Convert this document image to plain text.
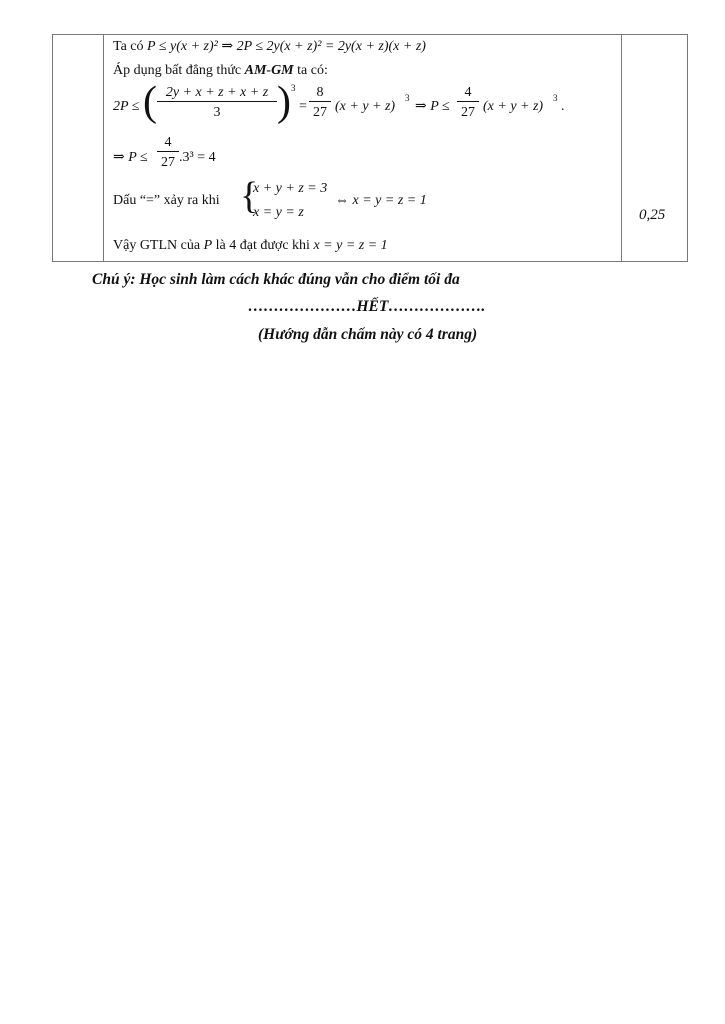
Ta có P ≤ y(x + z)² ⇒ 2P ≤ 2y(x + z)² = 2y(x + z)(x + z)
Áp dụng bất đẳng thức AM-GM ta có:
2P ≤ ( $\frac{2y + x + z + x + z}{3}$ ) 3
= $\frac{8}{27} (x + y + z)$
3
⇒ $P \le \frac{4}{27} (x + y + z)$
3
.
⇒ $P \le \frac{4}{27} .3^3 = 4$
Dấu “=” xảy ra khi {
x + y + z = 3
x = y = z
⇔ x = y = z = 1
0,25
Vậy GTLN của P là 4 đạt được khi x = y = z = 1
Chú ý: Học sinh làm cách khác đúng vẫn cho điểm tối đa
…………………HẾT……………….
(Hướng dẫn chấm này có 4 trang)
